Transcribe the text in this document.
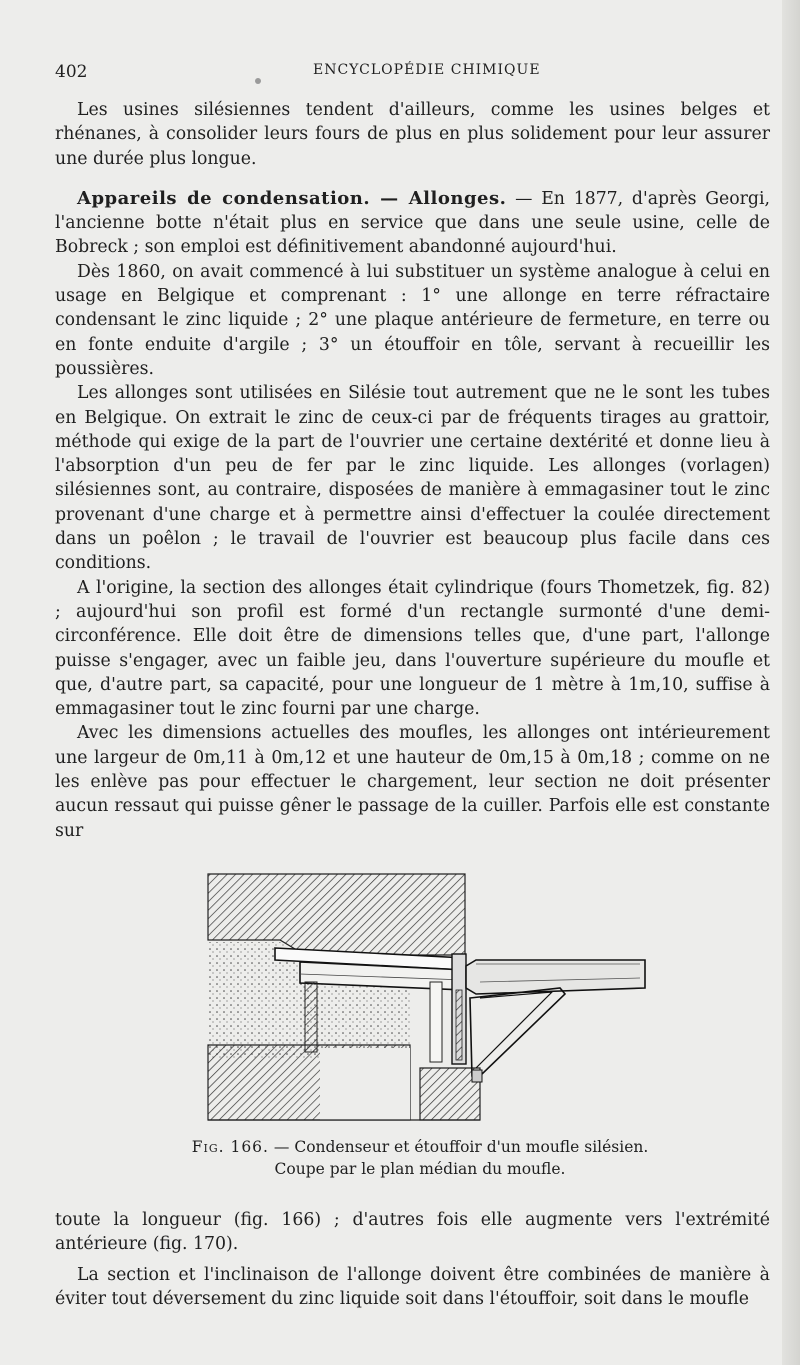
402	ENCYCLOPÉDIE CHIMIQUE

Les usines silésiennes tendent d'ailleurs, comme les usines belges et rhénanes, à consolider leurs fours de plus en plus solidement pour leur assurer une durée plus longue.

Appareils de condensation. — Allonges. — En 1877, d'après Georgi, l'ancienne botte n'était plus en service que dans une seule usine, celle de Bobreck ; son emploi est définitivement abandonné aujourd'hui.

Dès 1860, on avait commencé à lui substituer un système analogue à celui en usage en Belgique et comprenant : 1° une allonge en terre réfractaire condensant le zinc liquide ; 2° une plaque antérieure de fermeture, en terre ou en fonte enduite d'argile ; 3° un étouffoir en tôle, servant à recueillir les poussières.

Les allonges sont utilisées en Silésie tout autrement que ne le sont les tubes en Belgique. On extrait le zinc de ceux-ci par de fréquents tirages au grattoir, méthode qui exige de la part de l'ouvrier une certaine dextérité et donne lieu à l'absorption d'un peu de fer par le zinc liquide. Les allonges (vorlagen) silésiennes sont, au contraire, disposées de manière à emmagasiner tout le zinc provenant d'une charge et à permettre ainsi d'effectuer la coulée directement dans un poêlon ; le travail de l'ouvrier est beaucoup plus facile dans ces conditions.

A l'origine, la section des allonges était cylindrique (fours Thometzek, fig. 82) ; aujourd'hui son profil est formé d'un rectangle surmonté d'une demi-circonférence. Elle doit être de dimensions telles que, d'une part, l'allonge puisse s'engager, avec un faible jeu, dans l'ouverture supérieure du moufle et que, d'autre part, sa capacité, pour une longueur de 1 mètre à 1m,10, suffise à emmagasiner tout le zinc fourni par une charge.

Avec les dimensions actuelles des moufles, les allonges ont intérieurement une largeur de 0m,11 à 0m,12 et une hauteur de 0m,15 à 0m,18 ; comme on ne les enlève pas pour effectuer le chargement, leur section ne doit présenter aucun ressaut qui puisse gêner le passage de la cuiller. Parfois elle est constante sur

Fig. 166. — Condenseur et étouffoir d'un moufle silésien.
Coupe par le plan médian du moufle.

toute la longueur (fig. 166) ; d'autres fois elle augmente vers l'extrémité antérieure (fig. 170).

La section et l'inclinaison de l'allonge doivent être combinées de manière à éviter tout déversement du zinc liquide soit dans l'étouffoir, soit dans le moufle
